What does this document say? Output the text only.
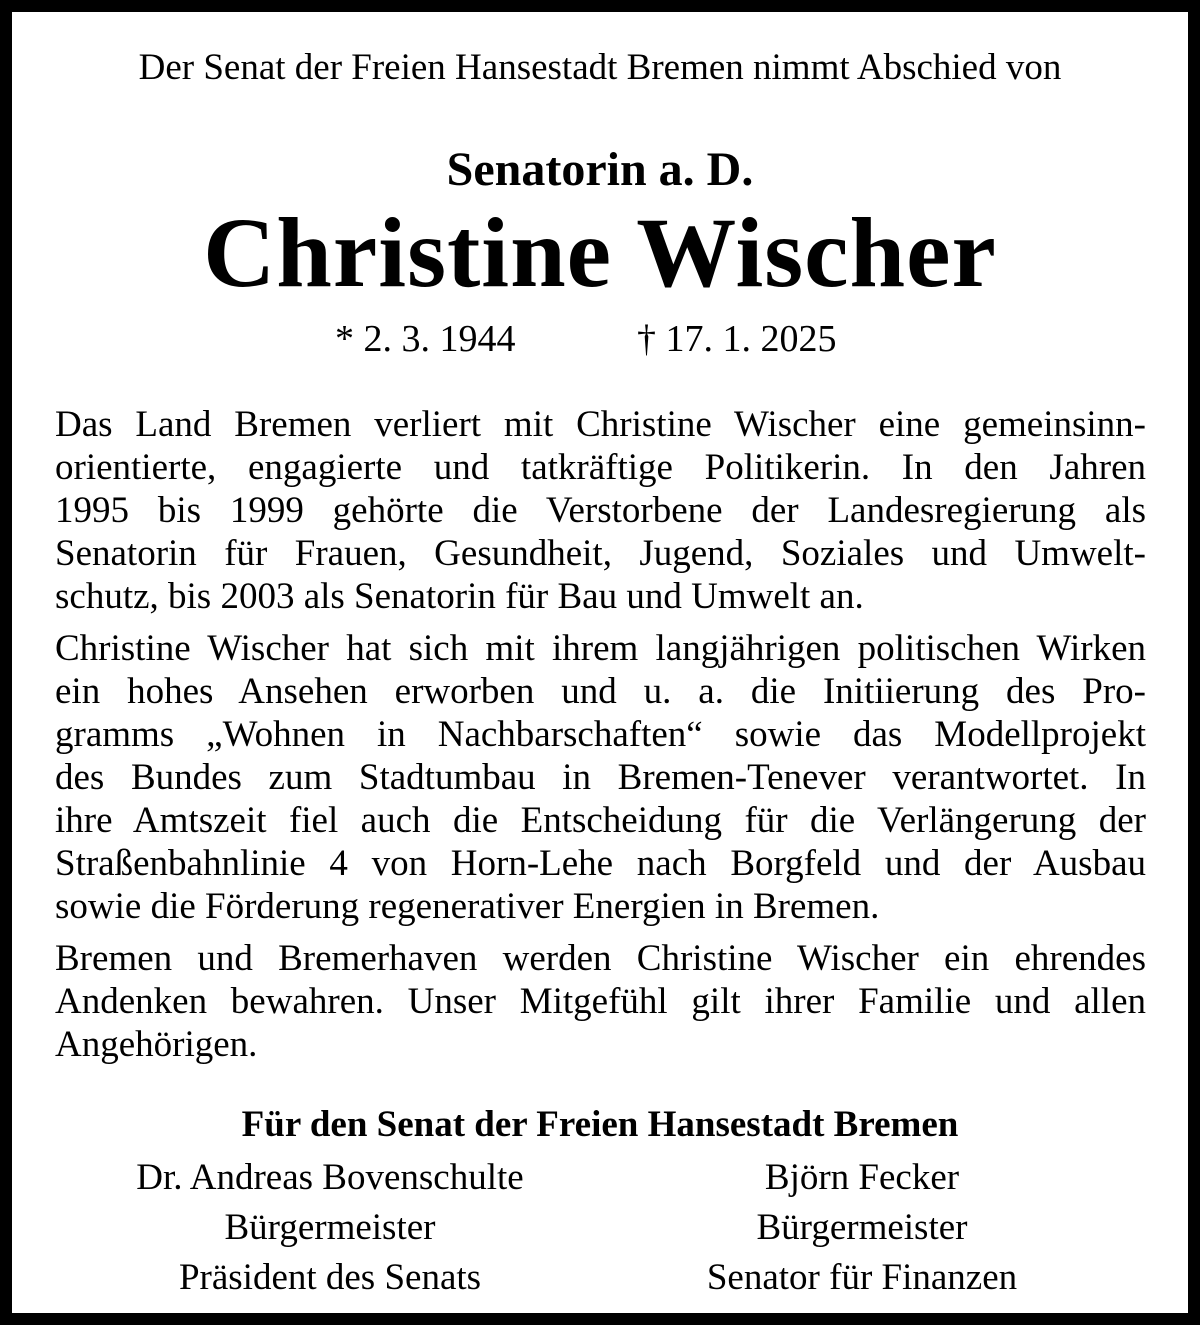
Der Senat der Freien Hansestadt Bremen nimmt Abschied von
Senatorin a. D.
Christine Wischer
* 2. 3. 1944	† 17. 1. 2025

Das Land Bremen verliert mit Christine Wischer eine gemeinsinn-
orientierte, engagierte und tatkräftige Politikerin. In den Jahren
1995 bis 1999 gehörte die Verstorbene der Landesregierung als
Senatorin für Frauen, Gesundheit, Jugend, Soziales und Umwelt-
schutz, bis 2003 als Senatorin für Bau und Umwelt an.

Christine Wischer hat sich mit ihrem langjährigen politischen Wirken
ein hohes Ansehen erworben und u. a. die Initiierung des Pro-
gramms „Wohnen in Nachbarschaften“ sowie das Modellprojekt
des Bundes zum Stadtumbau in Bremen-Tenever verantwortet. In
ihre Amtszeit fiel auch die Entscheidung für die Verlängerung der
Straßenbahnlinie 4 von Horn-Lehe nach Borgfeld und der Ausbau
sowie die Förderung regenerativer Energien in Bremen.

Bremen und Bremerhaven werden Christine Wischer ein ehrendes
Andenken bewahren. Unser Mitgefühl gilt ihrer Familie und allen
Angehörigen.

Für den Senat der Freien Hansestadt Bremen
Dr. Andreas Bovenschulte
Bürgermeister
Präsident des Senats
Björn Fecker
Bürgermeister
Senator für Finanzen
